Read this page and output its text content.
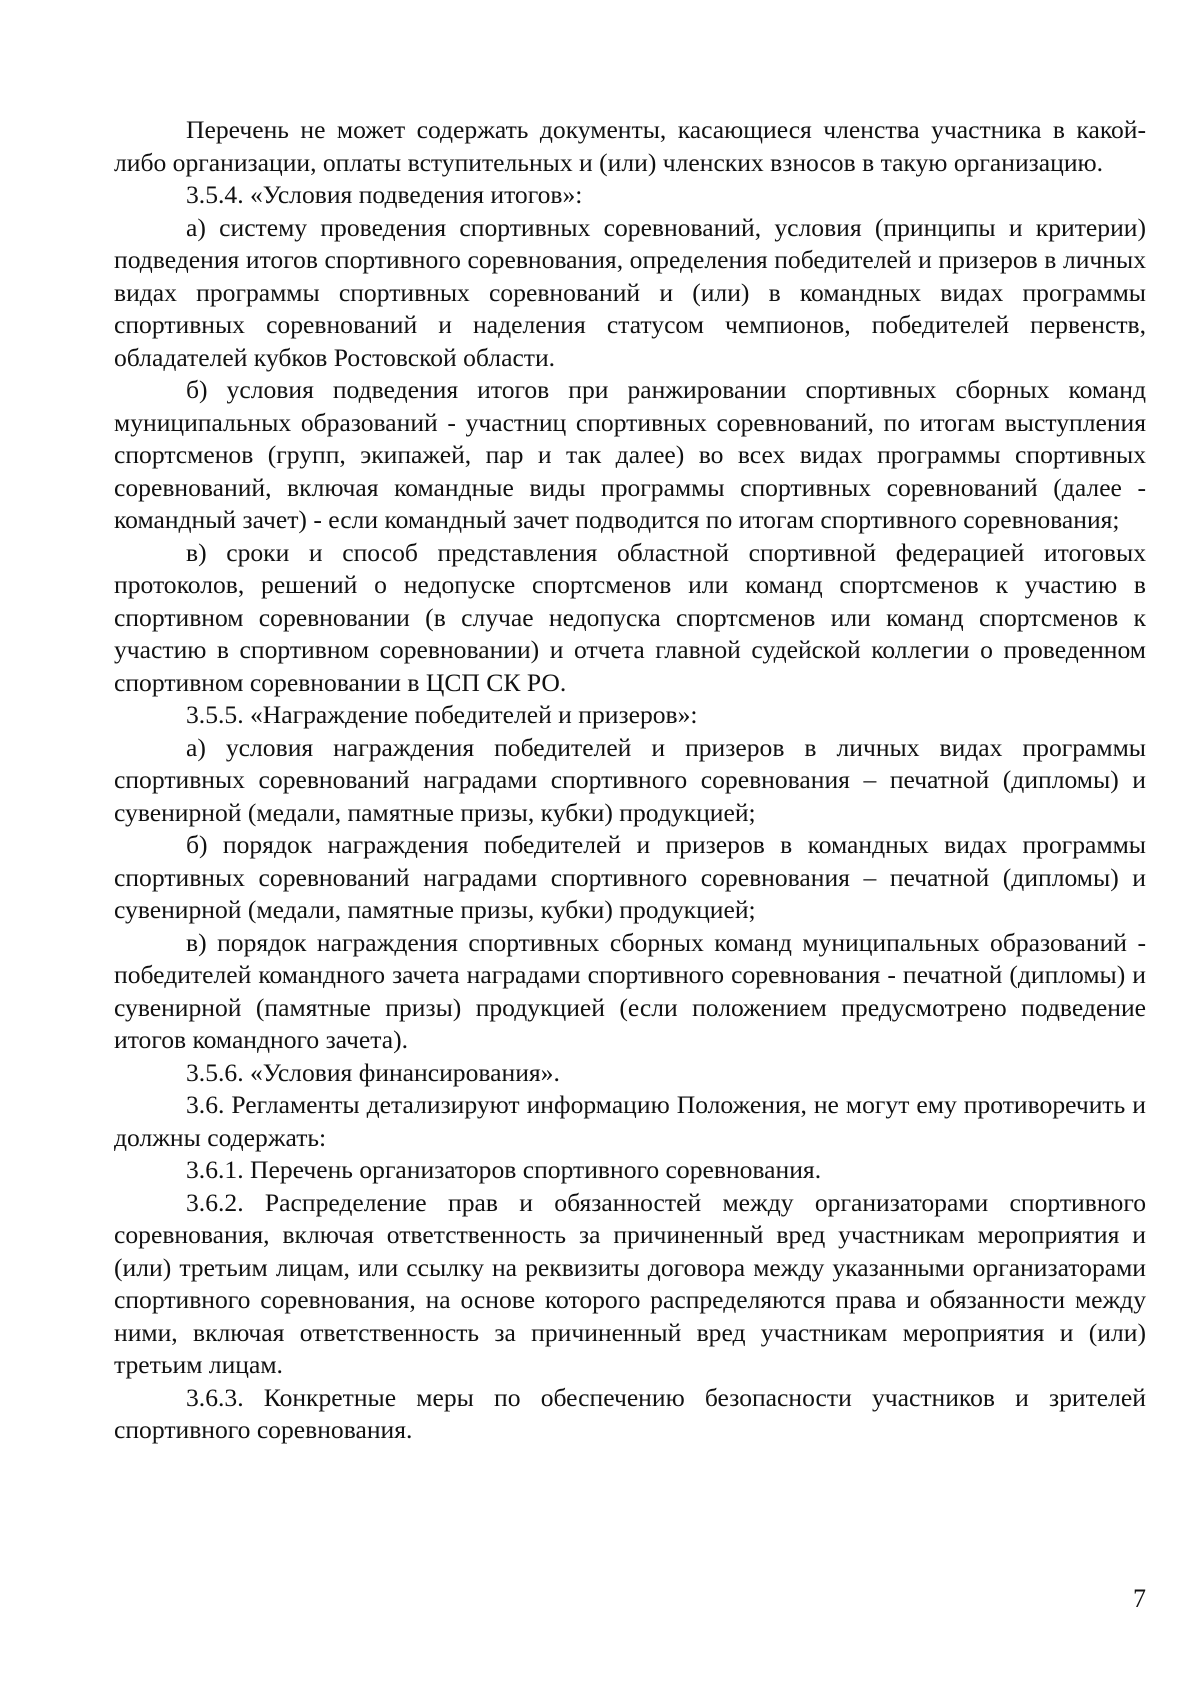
Перечень не может содержать документы, касающиеся членства участника в какой-либо организации, оплаты вступительных и (или) членских взносов в такую организацию.

3.5.4. «Условия подведения итогов»:

а) систему проведения спортивных соревнований, условия (принципы и критерии) подведения итогов спортивного соревнования, определения победителей и призеров в личных видах программы спортивных соревнований и (или) в командных видах программы спортивных соревнований и наделения статусом чемпионов, победителей первенств, обладателей кубков Ростовской области.

б) условия подведения итогов при ранжировании спортивных сборных команд муниципальных образований - участниц спортивных соревнований, по итогам выступления спортсменов (групп, экипажей, пар и так далее) во всех видах программы спортивных соревнований, включая командные виды программы спортивных соревнований (далее - командный зачет) - если командный зачет подводится по итогам спортивного соревнования;

в) сроки и способ представления областной спортивной федерацией итоговых протоколов, решений о недопуске спортсменов или команд спортсменов к участию в спортивном соревновании (в случае недопуска спортсменов или команд спортсменов к участию в спортивном соревновании) и отчета главной судейской коллегии о проведенном спортивном соревновании в ЦСП СК РО.

3.5.5. «Награждение победителей и призеров»:

а) условия награждения победителей и призеров в личных видах программы спортивных соревнований наградами спортивного соревнования – печатной (дипломы) и сувенирной (медали, памятные призы, кубки) продукцией;

б) порядок награждения победителей и призеров в командных видах программы спортивных соревнований наградами спортивного соревнования – печатной (дипломы) и сувенирной (медали, памятные призы, кубки) продукцией;

в) порядок награждения спортивных сборных команд муниципальных образований - победителей командного зачета наградами спортивного соревнования - печатной (дипломы) и сувенирной (памятные призы) продукцией (если положением предусмотрено подведение итогов командного зачета).

3.5.6. «Условия финансирования».

3.6. Регламенты детализируют информацию Положения, не могут ему противоречить и должны содержать:

3.6.1. Перечень организаторов спортивного соревнования.

3.6.2. Распределение прав и обязанностей между организаторами спортивного соревнования, включая ответственность за причиненный вред участникам мероприятия и (или) третьим лицам, или ссылку на реквизиты договора между указанными организаторами спортивного соревнования, на основе которого распределяются права и обязанности между ними, включая ответственность за причиненный вред участникам мероприятия и (или) третьим лицам.

3.6.3. Конкретные меры по обеспечению безопасности участников и зрителей спортивного соревнования.

7
